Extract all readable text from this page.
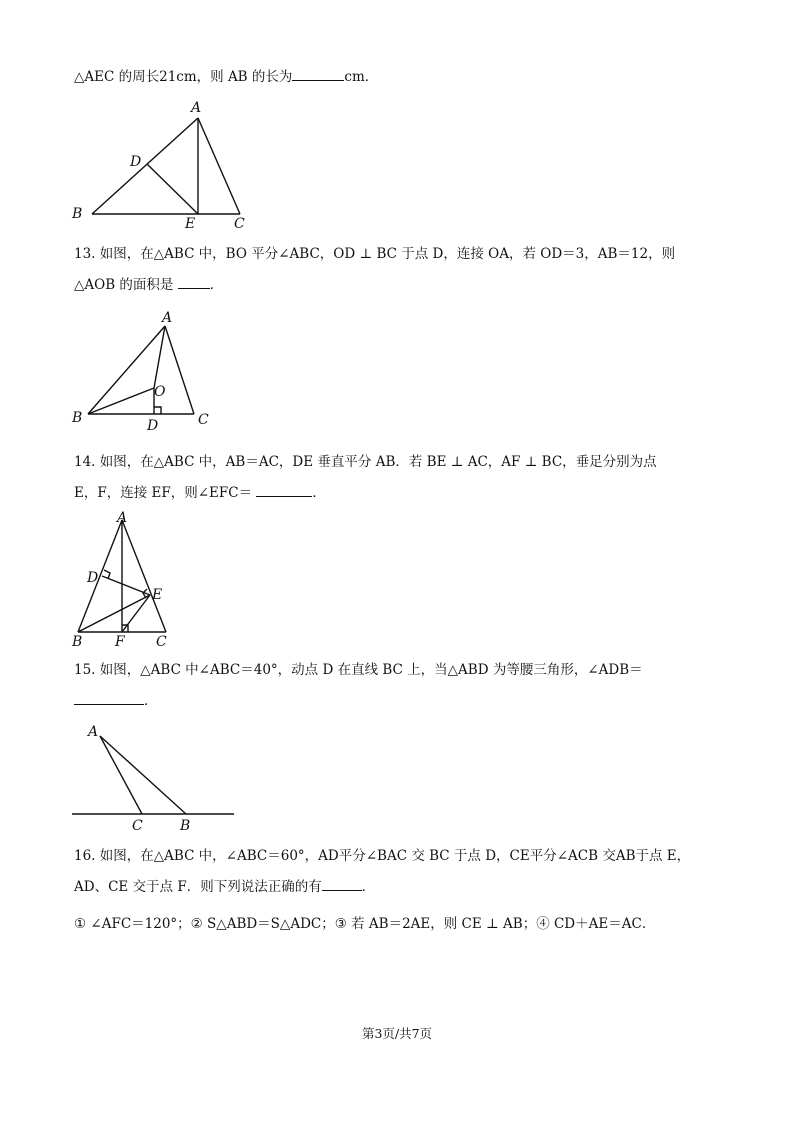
△AEC 的周长21cm，则 AB 的长为	cm．
A
B
C
D
E
13. 如图，在△ABC 中，BO 平分∠ABC，OD ⊥ BC 于点 D，连接 OA，若 OD＝3，AB＝12，则
△AOB 的面积是	．
A
B	C
D
O
14. 如图，在△ABC 中，AB＝AC，DE 垂直平分 AB．若 BE ⊥ AC，AF ⊥ BC，垂足分别为点
E，F，连接 EF，则∠EFC＝	．
A
B	C
D
E
F
15. 如图，△ABC 中∠ABC＝40°，动点 D 在直线 BC 上，当△ABD 为等腰三角形，∠ADB＝
．
A
C	B
16. 如图，在△ABC 中，∠ABC＝60°，AD平分∠BAC 交 BC 于点 D，CE平分∠ACB 交AB于点 E，
AD、CE 交于点 F．则下列说法正确的有	．
① ∠AFC＝120°；② S△ABD＝S△ADC；③ 若 AB＝2AE，则 CE ⊥ AB；④ CD＋AE＝AC．
第3页/共7页
